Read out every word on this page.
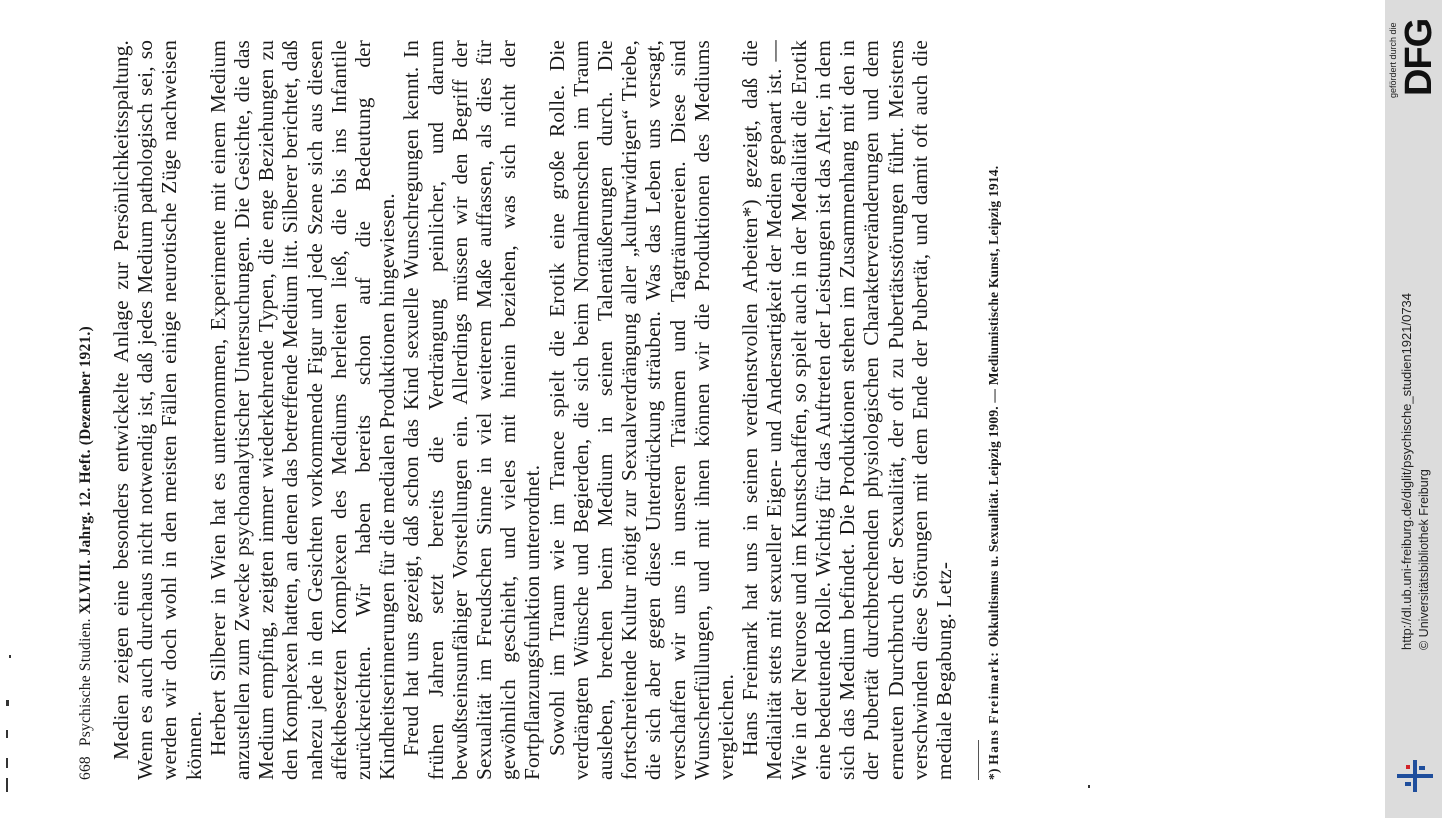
668 Psychische Studien. XLVIII. Jahrg. 12. Heft. (Dezember 1921.) Medien zeigen eine besonders entwickelte Anlage zur Persönlichkeitsspaltung. Wenn es auch durchaus nicht notwendig ist, daß jedes Medium pathologisch sei, so werden wir doch wohl in den meisten Fällen einige neurotische Züge nachweisen können. Herbert Silberer in Wien hat es unternommen, Experimente mit einem Medium anzustellen zum Zwecke psychoanalytischer Untersuchungen. Die Gesichte, die das Medium empfing, zeigten immer wiederkehrende Typen, die enge Beziehungen zu den Komplexen hatten, an denen das betreffende Medium litt. Silberer berichtet, daß nahezu jede in den Gesichten vorkommende Figur und jede Szene sich aus diesen affektbesetzten Komplexen des Mediums herleiten ließ, die bis ins Infantile zurückreichten. Wir haben bereits schon auf die Bedeutung der Kindheitserinnerungen für die medialen Produktionen hingewiesen. Freud hat uns gezeigt, daß schon das Kind sexuelle Wunschregungen kennt. In frühen Jahren setzt bereits die Verdrängung peinlicher, und darum bewußtseinsunfähiger Vorstellungen ein. Allerdings müssen wir den Begriff der Sexualität im Freudschen Sinne in viel weiterem Maße auffassen, als dies für gewöhnlich geschieht, und vieles mit hinein beziehen, was sich nicht der Fortpflanzungsfunktion unterordnet. Sowohl im Traum wie im Trance spielt die Erotik eine große Rolle. Die verdrängten Wünsche und Begierden, die sich beim Normalmenschen im Traum ausleben, brechen beim Medium in seinen Talentäußerungen durch. Die fortschreitende Kultur nötigt zur Sexualverdrängung aller „kulturwidrigen“ Triebe, die sich aber gegen diese Unterdrückung sträuben. Was das Leben uns versagt, verschaffen wir uns in unseren Träumen und Tagträumereien. Diese sind Wunscherfüllungen, und mit ihnen können wir die Produktionen des Mediums vergleichen. Hans Freimark hat uns in seinen verdienstvollen Arbeiten*) gezeigt, daß die Medialität stets mit sexueller Eigen- und Andersartigkeit der Medien gepaart ist. — Wie in der Neurose und im Kunstschaffen, so spielt auch in der Medialität die Erotik eine bedeutende Rolle. Wichtig für das Auftreten der Leistungen ist das Alter, in dem sich das Medium befindet. Die Produktionen stehen im Zusammenhang mit den in der Pubertät durchbrechenden physiologischen Charakterveränderungen und dem erneuten Durchbruch der Sexualität, der oft zu Pubertätsstörungen führt. Meistens verschwinden diese Störungen mit dem Ende der Pubertät, und damit oft auch die mediale Begabung. Letz- *) Hans Freimark: Okkultismus u. Sexualität. Leipzig 1909. — Mediumistische Kunst, Leipzig 1914.	http://dl.ub.uni-freiburg.de/diglit/psychische_studien1921/0734 © Universitätsbibliothek Freiburg
gefördert durch die DFG
